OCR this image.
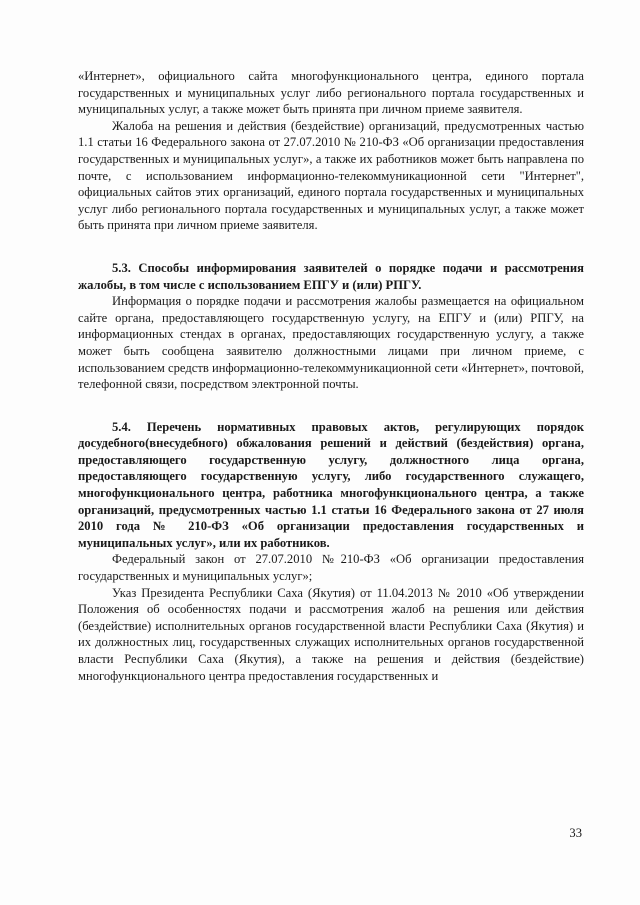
«Интернет», официального сайта многофункционального центра, единого портала государственных и муниципальных услуг либо регионального портала государственных и муниципальных услуг, а также может быть принята при личном приеме заявителя.

Жалоба на решения и действия (бездействие) организаций, предусмотренных частью 1.1 статьи 16 Федерального закона от 27.07.2010 № 210-ФЗ «Об организации предоставления государственных и муниципальных услуг», а также их работников может быть направлена по почте, с использованием информационно-телекоммуникационной сети "Интернет", официальных сайтов этих организаций, единого портала государственных и муниципальных услуг либо регионального портала государственных и муниципальных услуг, а также может быть принята при личном приеме заявителя.

5.3. Способы информирования заявителей о порядке подачи и рассмотрения жалобы, в том числе с использованием ЕПГУ и (или) РПГУ.

Информация о порядке подачи и рассмотрения жалобы размещается на официальном сайте органа, предоставляющего государственную услугу, на ЕПГУ и (или) РПГУ, на информационных стендах в органах, предоставляющих государственную услугу, а также может быть сообщена заявителю должностными лицами при личном приеме, с использованием средств информационно-телекоммуникационной сети «Интернет», почтовой, телефонной связи, посредством электронной почты.

5.4. Перечень нормативных правовых актов, регулирующих порядок досудебного(внесудебного) обжалования решений и действий (бездействия) органа, предоставляющего государственную услугу, должностного лица органа, предоставляющего государственную услугу, либо государственного служащего, многофункционального центра, работника многофункционального центра, а также организаций, предусмотренных частью 1.1 статьи 16 Федерального закона от 27 июля 2010 года № 210-ФЗ «Об организации предоставления государственных и муниципальных услуг», или их работников.

Федеральный закон от 27.07.2010 №210-ФЗ «Об организации предоставления государственных и муниципальных услуг»;

Указ Президента Республики Саха (Якутия) от 11.04.2013 № 2010 «Об утверждении Положения об особенностях подачи и рассмотрения жалоб на решения или действия (бездействие) исполнительных органов государственной власти Республики Саха (Якутия) и их должностных лиц, государственных служащих исполнительных органов государственной власти Республики Саха (Якутия), а также на решения и действия (бездействие) многофункционального центра предоставления государственных и

33
